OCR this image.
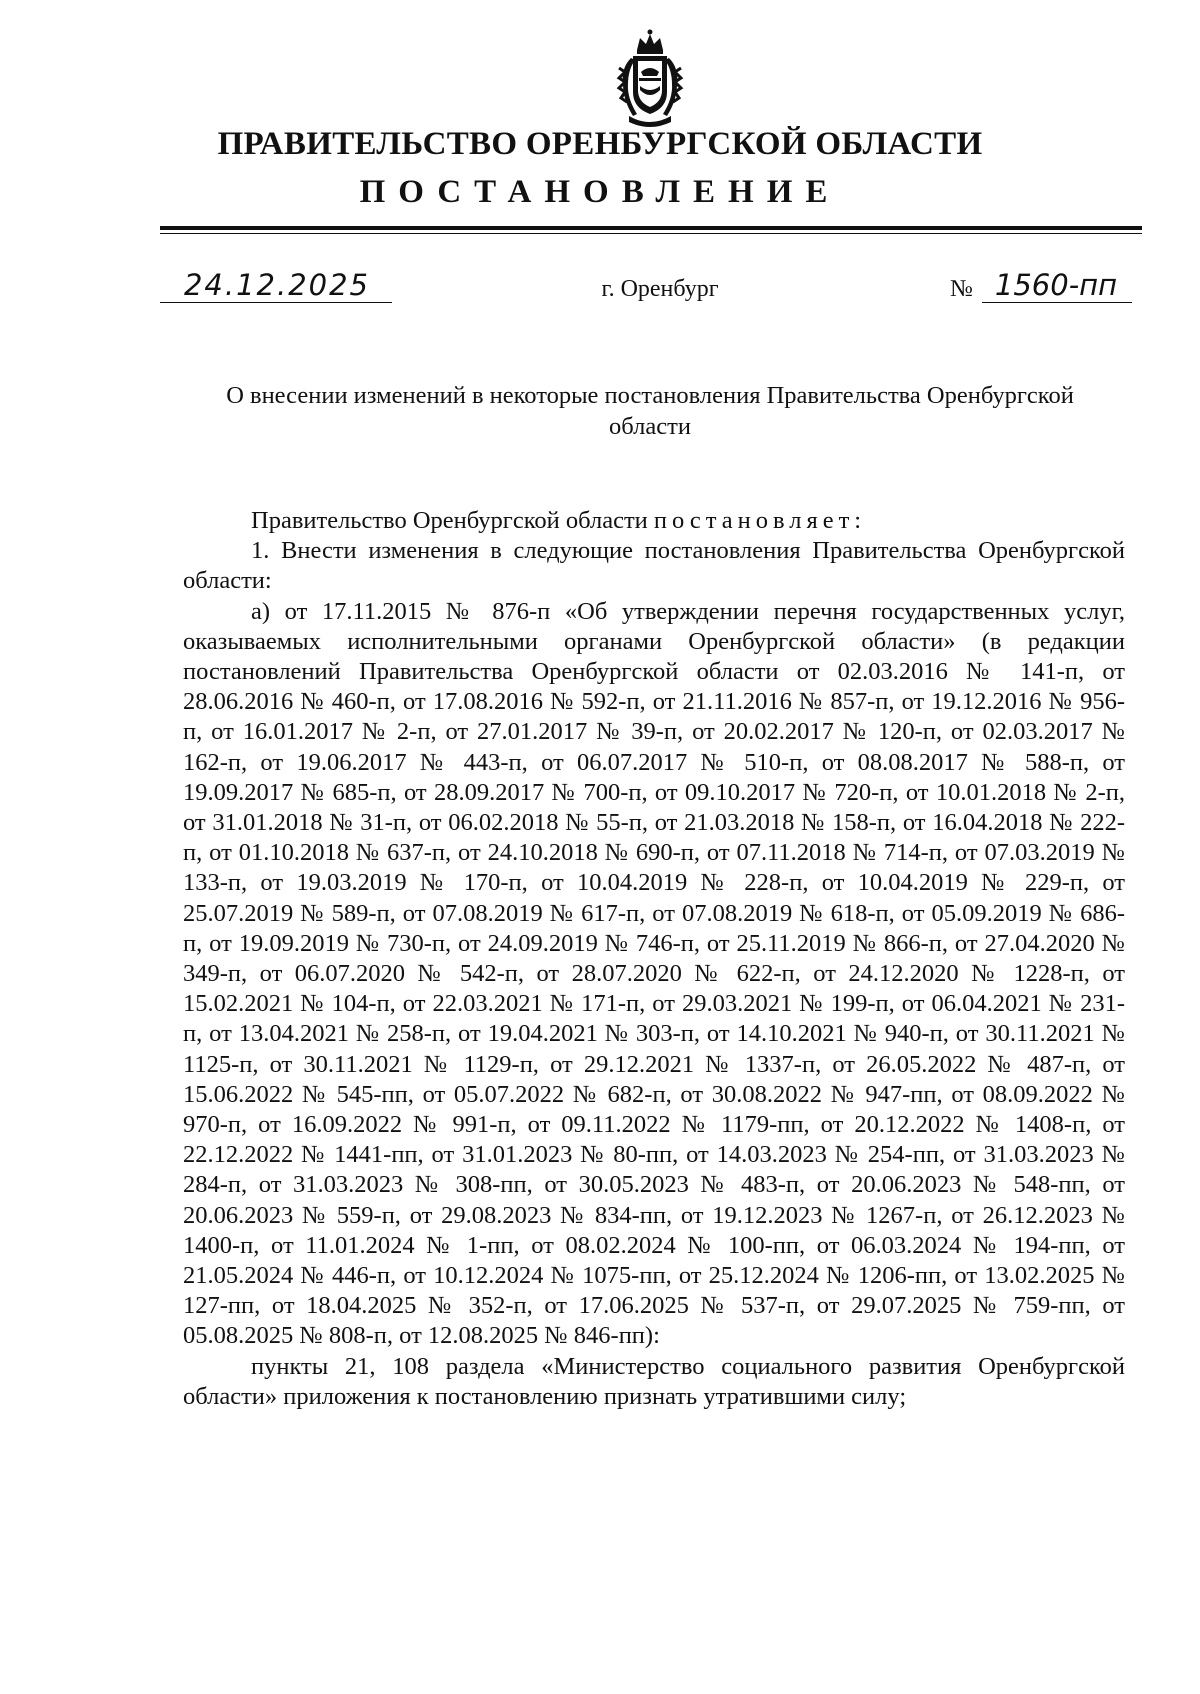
ПРАВИТЕЛЬСТВО ОРЕНБУРГСКОЙ ОБЛАСТИ
ПОСТАНОВЛЕНИЕ
24.12.2025	г. Оренбург	№ 1560-пп
О внесении изменений в некоторые постановления Правительства Оренбургской области

Правительство Оренбургской области постановляет:

1. Внести изменения в следующие постановления Правительства Оренбургской области:

а) от 17.11.2015 № 876-п «Об утверждении перечня государственных услуг, оказываемых исполнительными органами Оренбургской области» (в редакции постановлений Правительства Оренбургской области от 02.03.2016 № 141-п, от 28.06.2016 № 460-п, от 17.08.2016 № 592-п, от 21.11.2016 № 857-п, от 19.12.2016 № 956-п, от 16.01.2017 № 2-п, от 27.01.2017 № 39-п, от 20.02.2017 № 120-п, от 02.03.2017 № 162-п, от 19.06.2017 № 443-п, от 06.07.2017 № 510-п, от 08.08.2017 № 588-п, от 19.09.2017 № 685-п, от 28.09.2017 № 700-п, от 09.10.2017 № 720-п, от 10.01.2018 № 2-п, от 31.01.2018 № 31-п, от 06.02.2018 № 55-п, от 21.03.2018 № 158-п, от 16.04.2018 № 222-п, от 01.10.2018 № 637-п, от 24.10.2018 № 690-п, от 07.11.2018 № 714-п, от 07.03.2019 № 133-п, от 19.03.2019 № 170-п, от 10.04.2019 № 228-п, от 10.04.2019 № 229-п, от 25.07.2019 № 589-п, от 07.08.2019 № 617-п, от 07.08.2019 № 618-п, от 05.09.2019 № 686-п, от 19.09.2019 № 730-п, от 24.09.2019 № 746-п, от 25.11.2019 № 866-п, от 27.04.2020 № 349-п, от 06.07.2020 № 542-п, от 28.07.2020 № 622-п, от 24.12.2020 № 1228-п, от 15.02.2021 № 104-п, от 22.03.2021 № 171-п, от 29.03.2021 № 199-п, от 06.04.2021 № 231-п, от 13.04.2021 № 258-п, от 19.04.2021 № 303-п, от 14.10.2021 № 940-п, от 30.11.2021 № 1125-п, от 30.11.2021 № 1129-п, от 29.12.2021 № 1337-п, от 26.05.2022 № 487-п, от 15.06.2022 № 545-пп, от 05.07.2022 № 682-п, от 30.08.2022 № 947-пп, от 08.09.2022 № 970-п, от 16.09.2022 № 991-п, от 09.11.2022 № 1179-пп, от 20.12.2022 № 1408-п, от 22.12.2022 № 1441-пп, от 31.01.2023 № 80-пп, от 14.03.2023 № 254-пп, от 31.03.2023 № 284-п, от 31.03.2023 № 308-пп, от 30.05.2023 № 483-п, от 20.06.2023 № 548-пп, от 20.06.2023 № 559-п, от 29.08.2023 № 834-пп, от 19.12.2023 № 1267-п, от 26.12.2023 № 1400-п, от 11.01.2024 № 1-пп, от 08.02.2024 № 100-пп, от 06.03.2024 № 194-пп, от 21.05.2024 № 446-п, от 10.12.2024 № 1075-пп, от 25.12.2024 № 1206-пп, от 13.02.2025 № 127-пп, от 18.04.2025 № 352-п, от 17.06.2025 № 537-п, от 29.07.2025 № 759-пп, от 05.08.2025 № 808-п, от 12.08.2025 № 846-пп):

пункты 21, 108 раздела «Министерство социального развития Оренбургской области» приложения к постановлению признать утратившими силу;
